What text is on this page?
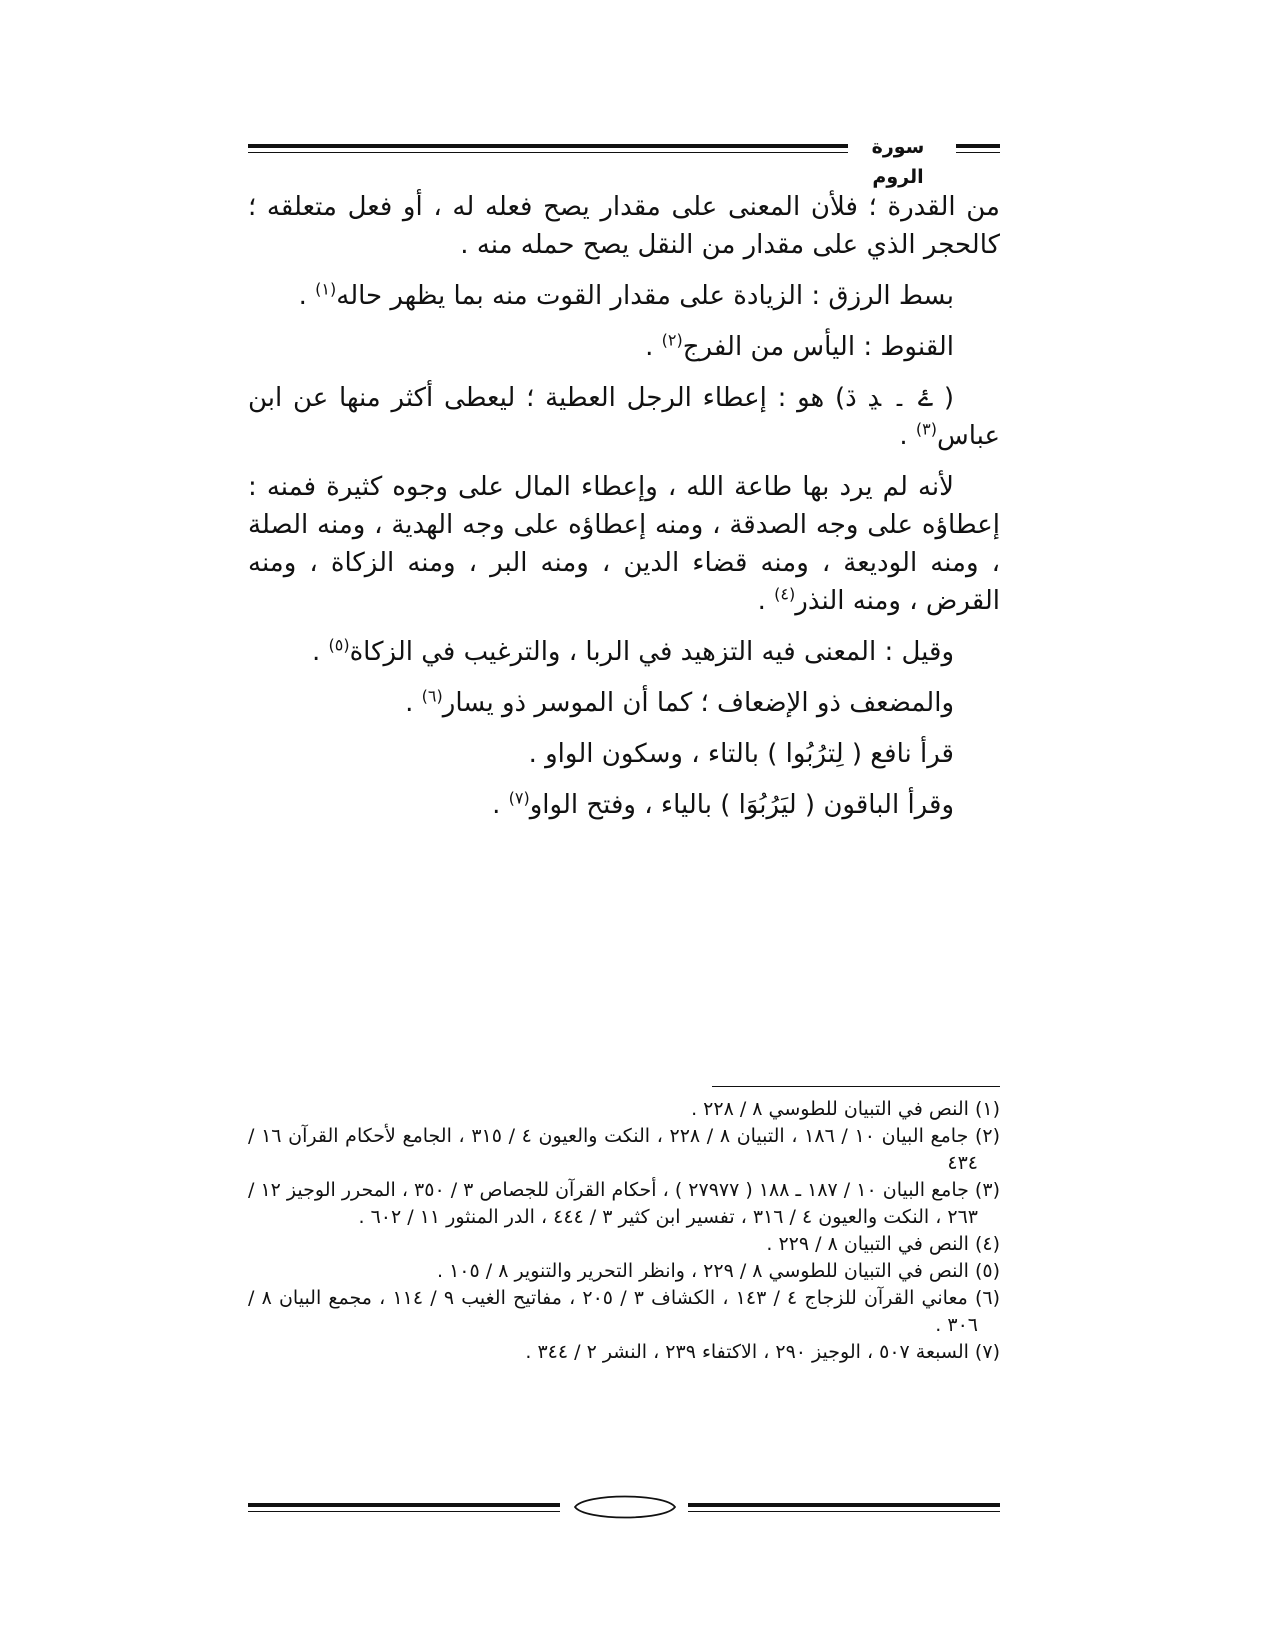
سورة الروم

من القدرة ؛ فلأن المعنى على مقدار يصح فعله له ، أو فعل متعلقه ؛ كالحجر الذي على مقدار من النقل يصح حمله منه .

بسط الرزق : الزيادة على مقدار القوت منه بما يظهر حاله$^{(١)}$ .

القنوط : اليأس من الفرج$^{(٢)}$ .

( ۓ ۔ ﮃ ﮄ) هو : إعطاء الرجل العطية ؛ ليعطى أكثر منها عن ابن عباس$^{(٣)}$ .

لأنه لم يرد بها طاعة الله ، وإعطاء المال على وجوه كثيرة فمنه : إعطاؤه على وجه الصدقة ، ومنه إعطاؤه على وجه الهدية ، ومنه الصلة ، ومنه الوديعة ، ومنه قضاء الدين ، ومنه البر ، ومنه الزكاة ، ومنه القرض ، ومنه النذر$^{(٤)}$ .

وقيل : المعنى فيه التزهيد في الربا ، والترغيب في الزكاة$^{(٥)}$ .

والمضعف ذو الإضعاف ؛ كما أن الموسر ذو يسار$^{(٦)}$ .

قرأ نافع ( لِترُبُوا ) بالتاء ، وسكون الواو .

وقرأ الباقون ( ليَرُبُوَا ) بالياء ، وفتح الواو$^{(٧)}$ .

(١) النص في التبيان للطوسي ٨ / ٢٢٨ .

(٢) جامع البيان ١٠ / ١٨٦ ، التبيان ٨ / ٢٢٨ ، النكت والعيون ٤ / ٣١٥ ، الجامع لأحكام القرآن ١٦ / ٤٣٤

(٣) جامع البيان ١٠ / ١٨٧ ـ ١٨٨ ( ٢٧٩٧٧ ) ، أحكام القرآن للجصاص ٣ / ٣٥٠ ، المحرر الوجيز ١٢ / ٢٦٣ ، النكت والعيون ٤ / ٣١٦ ، تفسير ابن كثير ٣ / ٤٤٤ ، الدر المنثور ١١ / ٦٠٢ .

(٤) النص في التبيان ٨ / ٢٢٩ .

(٥) النص في التبيان للطوسي ٨ / ٢٢٩ ، وانظر التحرير والتنوير ٨ / ١٠٥ .

(٦) معاني القرآن للزجاج ٤ / ١٤٣ ، الكشاف ٣ / ٢٠٥ ، مفاتيح الغيب ٩ / ١١٤ ، مجمع البيان ٨ / ٣٠٦ .

(٧) السبعة ٥٠٧ ، الوجيز ٢٩٠ ، الاكتفاء ٢٣٩ ، النشر ٢ / ٣٤٤ .
